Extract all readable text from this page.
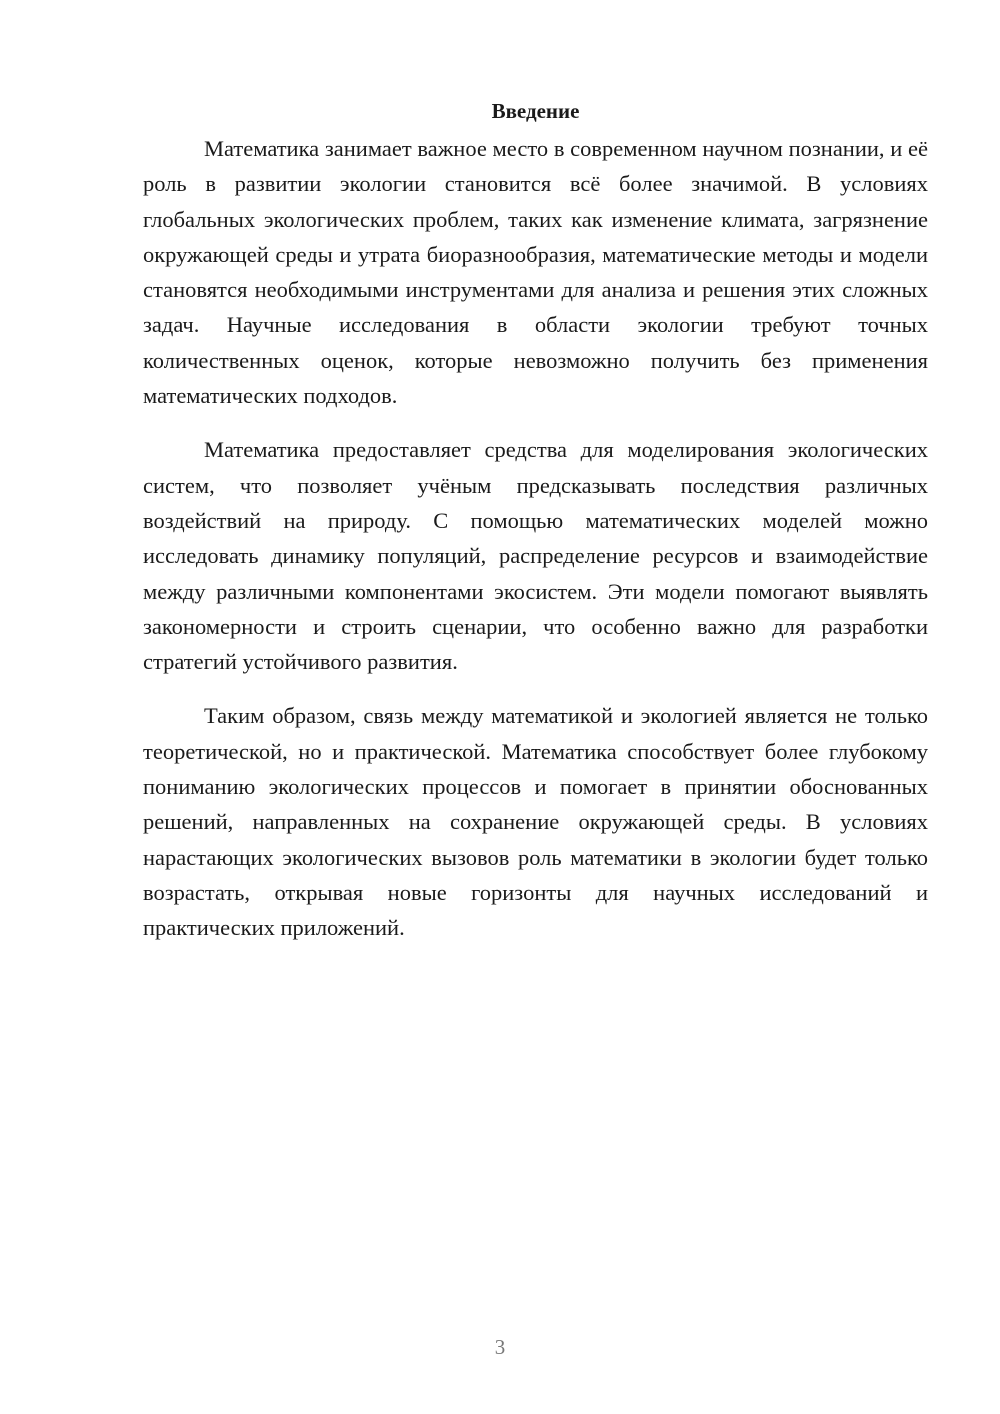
Введение

Математика занимает важное место в современном научном познании, и её роль в развитии экологии становится всё более значимой. В условиях глобальных экологических проблем, таких как изменение климата, загрязнение окружающей среды и утрата биоразнообразия, математические методы и модели становятся необходимыми инструментами для анализа и решения этих сложных задач. Научные исследования в области экологии требуют точных количественных оценок, которые невозможно получить без применения математических подходов.

Математика предоставляет средства для моделирования экологических систем, что позволяет учёным предсказывать последствия различных воздействий на природу. С помощью математических моделей можно исследовать динамику популяций, распределение ресурсов и взаимодействие между различными компонентами экосистем. Эти модели помогают выявлять закономерности и строить сценарии, что особенно важно для разработки стратегий устойчивого развития.

Таким образом, связь между математикой и экологией является не только теоретической, но и практической. Математика способствует более глубокому пониманию экологических процессов и помогает в принятии обоснованных решений, направленных на сохранение окружающей среды. В условиях нарастающих экологических вызовов роль математики в экологии будет только возрастать, открывая новые горизонты для научных исследований и практических приложений.

3
